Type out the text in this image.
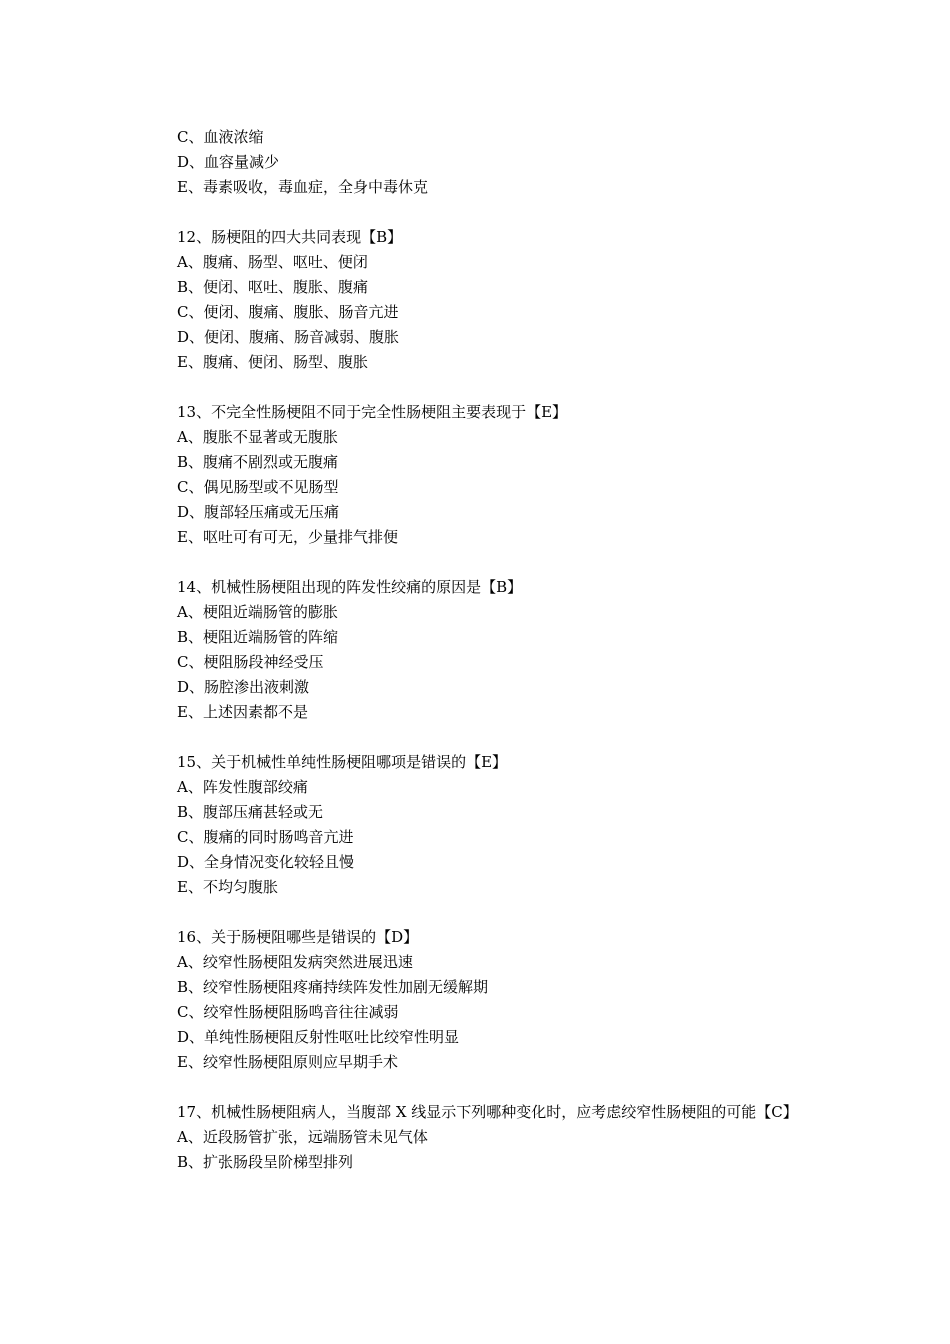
C、血液浓缩
D、血容量减少
E、毒素吸收，毒血症，全身中毒休克
12、肠梗阻的四大共同表现【B】
A、腹痛、肠型、呕吐、便闭
B、便闭、呕吐、腹胀、腹痛
C、便闭、腹痛、腹胀、肠音亢进
D、便闭、腹痛、肠音减弱、腹胀
E、腹痛、便闭、肠型、腹胀
13、不完全性肠梗阻不同于完全性肠梗阻主要表现于【E】
A、腹胀不显著或无腹胀
B、腹痛不剧烈或无腹痛
C、偶见肠型或不见肠型
D、腹部轻压痛或无压痛
E、呕吐可有可无，少量排气排便
14、机械性肠梗阻出现的阵发性绞痛的原因是【B】
A、梗阻近端肠管的膨胀
B、梗阻近端肠管的阵缩
C、梗阻肠段神经受压
D、肠腔渗出液刺激
E、上述因素都不是
15、关于机械性单纯性肠梗阻哪项是错误的【E】
A、阵发性腹部绞痛
B、腹部压痛甚轻或无
C、腹痛的同时肠鸣音亢进
D、全身情况变化较轻且慢
E、不均匀腹胀
16、关于肠梗阻哪些是错误的【D】
A、绞窄性肠梗阻发病突然进展迅速
B、绞窄性肠梗阻疼痛持续阵发性加剧无缓解期
C、绞窄性肠梗阻肠鸣音往往减弱
D、单纯性肠梗阻反射性呕吐比绞窄性明显
E、绞窄性肠梗阻原则应早期手术
17、机械性肠梗阻病人，当腹部 X 线显示下列哪种变化时，应考虑绞窄性肠梗阻的可能【C】
A、近段肠管扩张，远端肠管未见气体
B、扩张肠段呈阶梯型排列
